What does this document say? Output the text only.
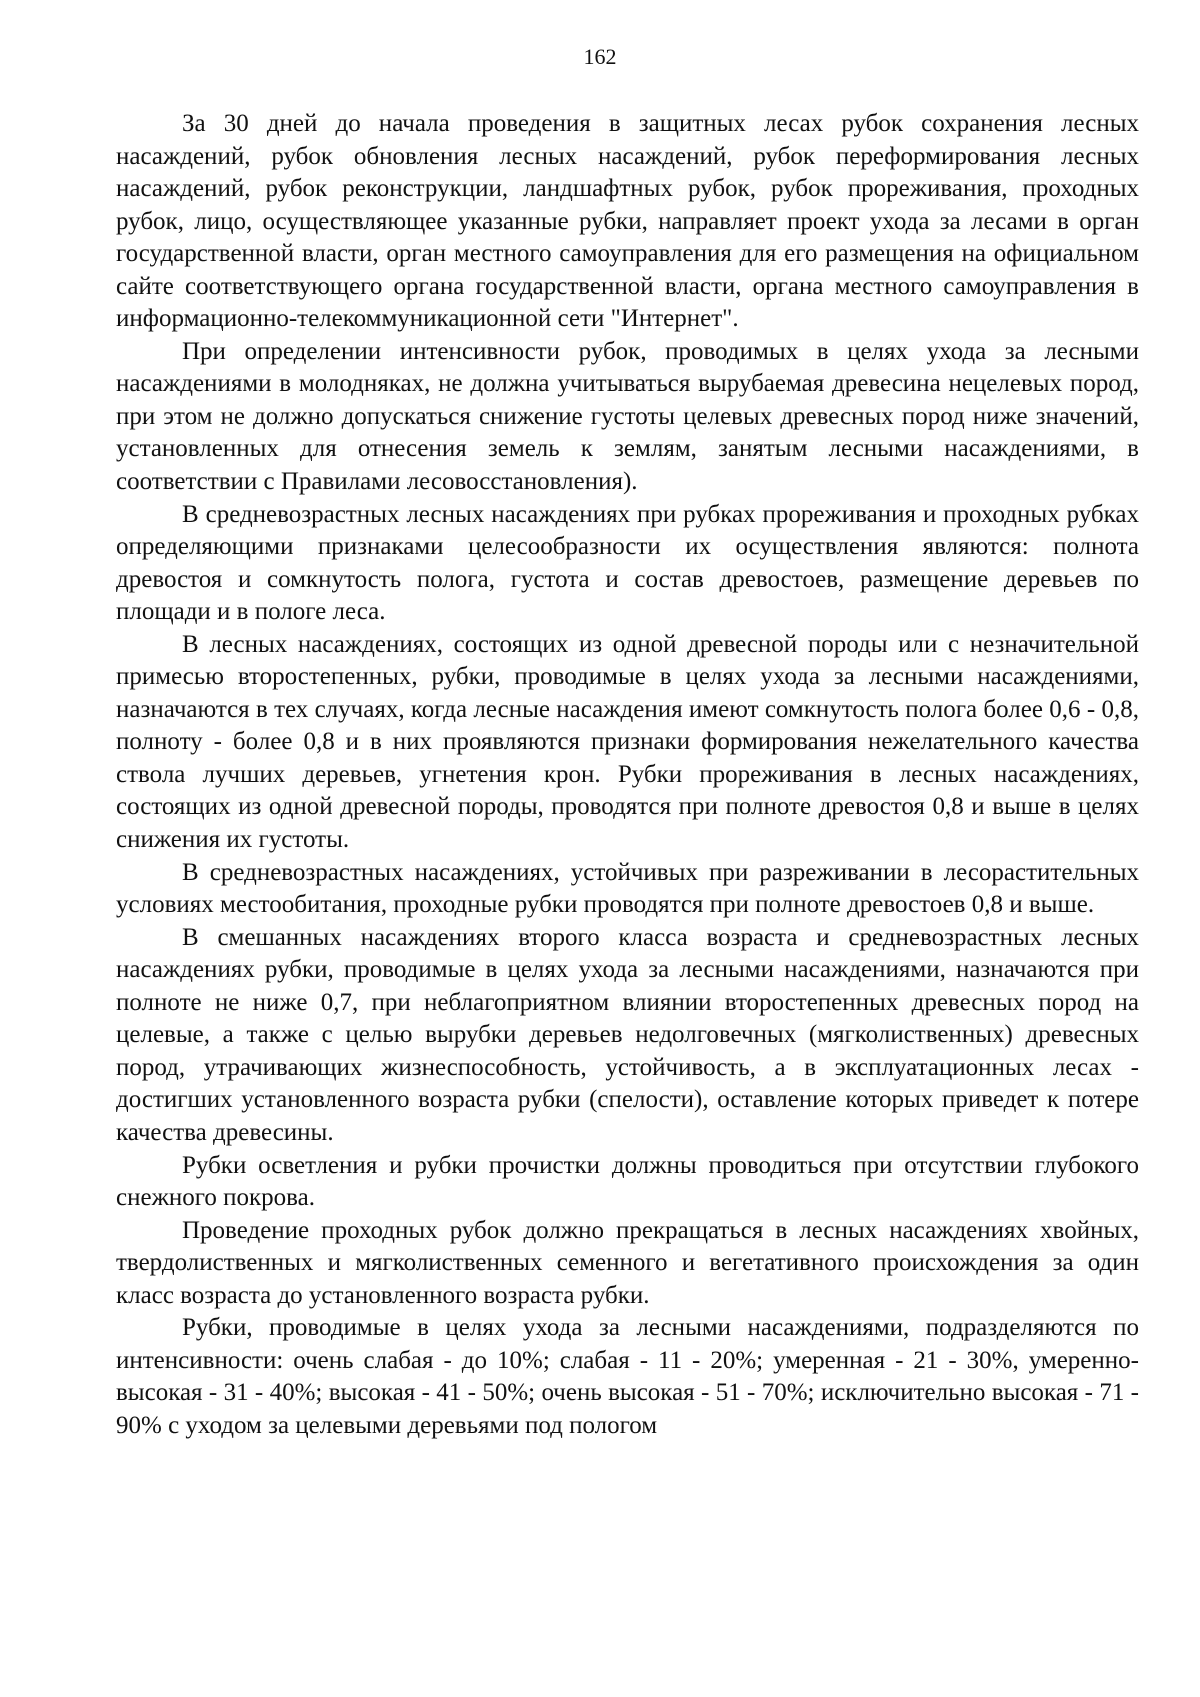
162

За 30 дней до начала проведения в защитных лесах рубок сохранения лесных насаждений, рубок обновления лесных насаждений, рубок переформирования лесных насаждений, рубок реконструкции, ландшафтных рубок, рубок прореживания, проходных рубок, лицо, осуществляющее указанные рубки, направляет проект ухода за лесами в орган государственной власти, орган местного самоуправления для его размещения на официальном сайте соответствующего органа государственной власти, органа местного самоуправления в информационно-телекоммуникационной сети "Интернет".

При определении интенсивности рубок, проводимых в целях ухода за лесными насаждениями в молодняках, не должна учитываться вырубаемая древесина нецелевых пород, при этом не должно допускаться снижение густоты целевых древесных пород ниже значений, установленных для отнесения земель к землям, занятым лесными насаждениями, в соответствии с Правилами лесовосстановления).

В средневозрастных лесных насаждениях при рубках прореживания и проходных рубках определяющими признаками целесообразности их осуществления являются: полнота древостоя и сомкнутость полога, густота и состав древостоев, размещение деревьев по площади и в пологе леса.

В лесных насаждениях, состоящих из одной древесной породы или с незначительной примесью второстепенных, рубки, проводимые в целях ухода за лесными насаждениями, назначаются в тех случаях, когда лесные насаждения имеют сомкнутость полога более 0,6 - 0,8, полноту - более 0,8 и в них проявляются признаки формирования нежелательного качества ствола лучших деревьев, угнетения крон. Рубки прореживания в лесных насаждениях, состоящих из одной древесной породы, проводятся при полноте древостоя 0,8 и выше в целях снижения их густоты.

В средневозрастных насаждениях, устойчивых при разреживании в лесорастительных условиях местообитания, проходные рубки проводятся при полноте древостоев 0,8 и выше.

В смешанных насаждениях второго класса возраста и средневозрастных лесных насаждениях рубки, проводимые в целях ухода за лесными насаждениями, назначаются при полноте не ниже 0,7, при неблагоприятном влиянии второстепенных древесных пород на целевые, а также с целью вырубки деревьев недолговечных (мягколиственных) древесных пород, утрачивающих жизнеспособность, устойчивость, а в эксплуатационных лесах - достигших установленного возраста рубки (спелости), оставление которых приведет к потере качества древесины.

Рубки осветления и рубки прочистки должны проводиться при отсутствии глубокого снежного покрова.

Проведение проходных рубок должно прекращаться в лесных насаждениях хвойных, твердолиственных и мягколиственных семенного и вегетативного происхождения за один класс возраста до установленного возраста рубки.

Рубки, проводимые в целях ухода за лесными насаждениями, подразделяются по интенсивности: очень слабая - до 10%; слабая - 11 - 20%; умеренная - 21 - 30%, умеренно-высокая - 31 - 40%; высокая - 41 - 50%; очень высокая - 51 - 70%; исключительно высокая - 71 - 90% с уходом за целевыми деревьями под пологом
